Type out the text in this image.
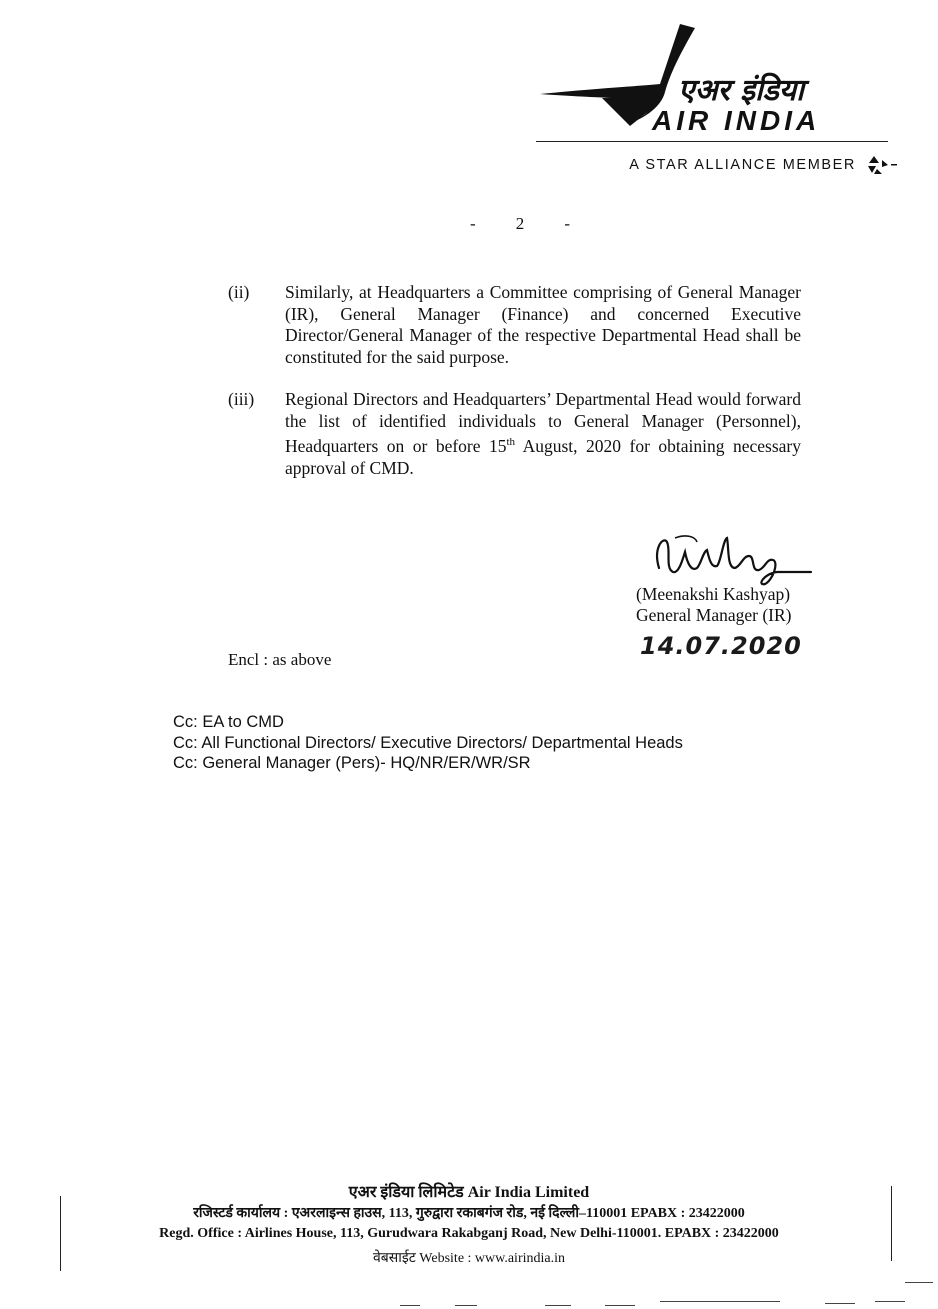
एअर इंडिया
AIR INDIA
A STAR ALLIANCE MEMBER
- 2 -
(ii) Similarly, at Headquarters a Committee comprising of General Manager (IR), General Manager (Finance) and concerned Executive Director/General Manager of the respective Departmental Head shall be constituted for the said purpose.
(iii) Regional Directors and Headquarters’ Departmental Head would forward the list of identified individuals to General Manager (Personnel), Headquarters on or before 15th August, 2020 for obtaining necessary approval of CMD.
(Meenakshi Kashyap)
General Manager (IR)
14.07.2020
Encl : as above
Cc: EA to CMD
Cc: All Functional Directors/ Executive Directors/ Departmental Heads
Cc: General Manager (Pers)- HQ/NR/ER/WR/SR
एअर इंडिया लिमिटेड Air India Limited
रजिस्टर्ड कार्यालय : एअरलाइन्स हाउस, 113, गुरुद्वारा रकाबगंज रोड, नई दिल्ली–110001 EPABX : 23422000
Regd. Office : Airlines House, 113, Gurudwara Rakabganj Road, New Delhi-110001. EPABX : 23422000
वेबसाईट Website : www.airindia.in
